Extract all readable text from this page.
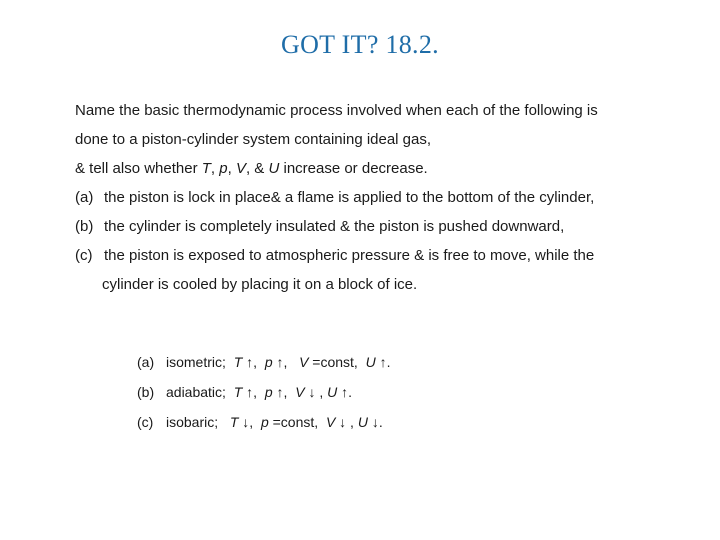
GOT IT? 18.2.
Name the basic thermodynamic process involved when each of the following is
done to a piston-cylinder system containing ideal gas,
& tell also whether T, p, V, & U increase or decrease.
(a) the piston is lock in place& a flame is applied to the bottom of the cylinder,
(b) the cylinder is completely insulated & the piston is pushed downward,
(c) the piston is exposed to atmospheric pressure & is free to move, while the
cylinder is cooled by placing it on a block of ice.
(a) isometric; T ↑,  p ↑,   V =const, U ↑.
(b) adiabatic; T ↑,  p ↑,  V ↓ , U ↑.
(c) isobaric; T ↓,  p =const, V ↓ , U ↓.
